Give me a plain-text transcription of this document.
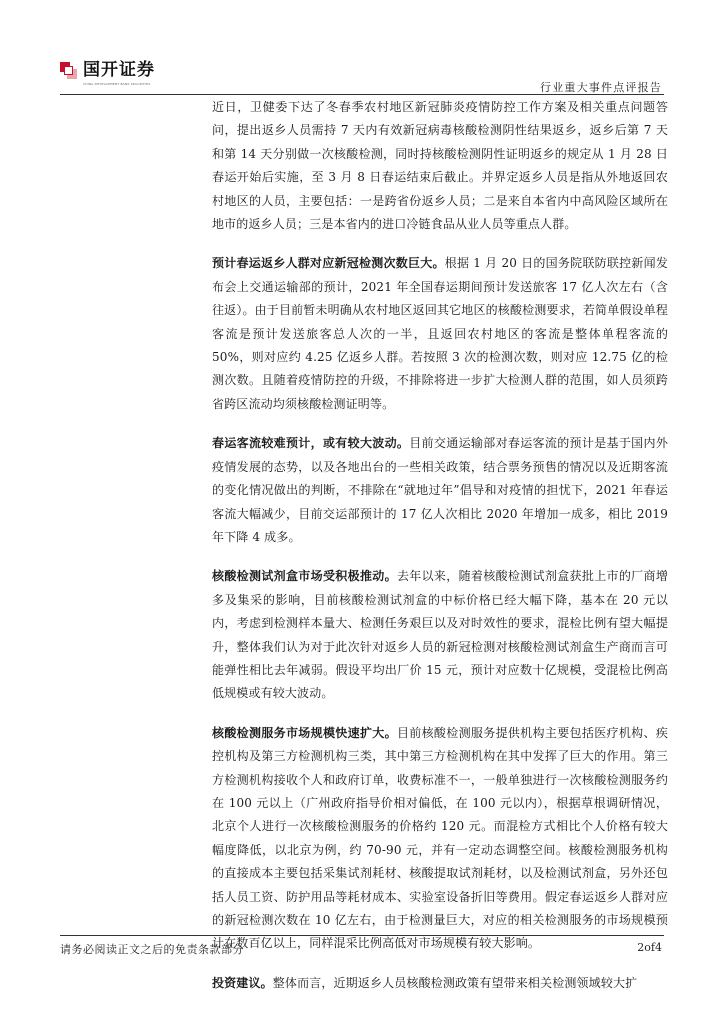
国开证券
CHINA DEVELOPMENT BANK SECURITIES	行业重大事件点评报告

近日，卫健委下达了冬春季农村地区新冠肺炎疫情防控工作方案及相关重点问题答问，提出返乡人员需持 7 天内有效新冠病毒核酸检测阴性结果返乡，返乡后第 7 天和第 14 天分别做一次核酸检测，同时持核酸检测阴性证明返乡的规定从 1 月 28 日春运开始后实施，至 3 月 8 日春运结束后截止。并界定返乡人员是指从外地返回农村地区的人员，主要包括：一是跨省份返乡人员；二是来自本省内中高风险区域所在地市的返乡人员；三是本省内的进口冷链食品从业人员等重点人群。

预计春运返乡人群对应新冠检测次数巨大。根据 1 月 20 日的国务院联防联控新闻发布会上交通运输部的预计，2021 年全国春运期间预计发送旅客 17 亿人次左右（含往返）。由于目前暂未明确从农村地区返回其它地区的核酸检测要求，若简单假设单程客流是预计发送旅客总人次的一半，且返回农村地区的客流是整体单程客流的 50%，则对应约 4.25 亿返乡人群。若按照 3 次的检测次数，则对应 12.75 亿的检测次数。且随着疫情防控的升级，不排除将进一步扩大检测人群的范围，如人员须跨省跨区流动均须核酸检测证明等。

春运客流较难预计，或有较大波动。目前交通运输部对春运客流的预计是基于国内外疫情发展的态势，以及各地出台的一些相关政策，结合票务预售的情况以及近期客流的变化情况做出的判断，不排除在“就地过年”倡导和对疫情的担忧下，2021 年春运客流大幅减少，目前交运部预计的 17 亿人次相比 2020 年增加一成多，相比 2019 年下降 4 成多。

核酸检测试剂盒市场受积极推动。去年以来，随着核酸检测试剂盒获批上市的厂商增多及集采的影响，目前核酸检测试剂盒的中标价格已经大幅下降，基本在 20 元以内，考虑到检测样本量大、检测任务艰巨以及对时效性的要求，混检比例有望大幅提升，整体我们认为对于此次针对返乡人员的新冠检测对核酸检测试剂盒生产商而言可能弹性相比去年减弱。假设平均出厂价 15 元，预计对应数十亿规模，受混检比例高低规模或有较大波动。

核酸检测服务市场规模快速扩大。目前核酸检测服务提供机构主要包括医疗机构、疾控机构及第三方检测机构三类，其中第三方检测机构在其中发挥了巨大的作用。第三方检测机构接收个人和政府订单，收费标准不一，一般单独进行一次核酸检测服务约在 100 元以上（广州政府指导价相对偏低，在 100 元以内），根据草根调研情况，北京个人进行一次核酸检测服务的价格约 120 元。而混检方式相比个人价格有较大幅度降低，以北京为例，约 70-90 元，并有一定动态调整空间。核酸检测服务机构的直接成本主要包括采集试剂耗材、核酸提取试剂耗材，以及检测试剂盒，另外还包括人员工资、防护用品等耗材成本、实验室设备折旧等费用。假定春运返乡人群对应的新冠检测次数在 10 亿左右，由于检测量巨大，对应的相关检测服务的市场规模预计在数百亿以上，同样混采比例高低对市场规模有较大影响。

投资建议。整体而言，近期返乡人员核酸检测政策有望带来相关检测领域较大扩

请务必阅读正文之后的免责条款部分	2of4
